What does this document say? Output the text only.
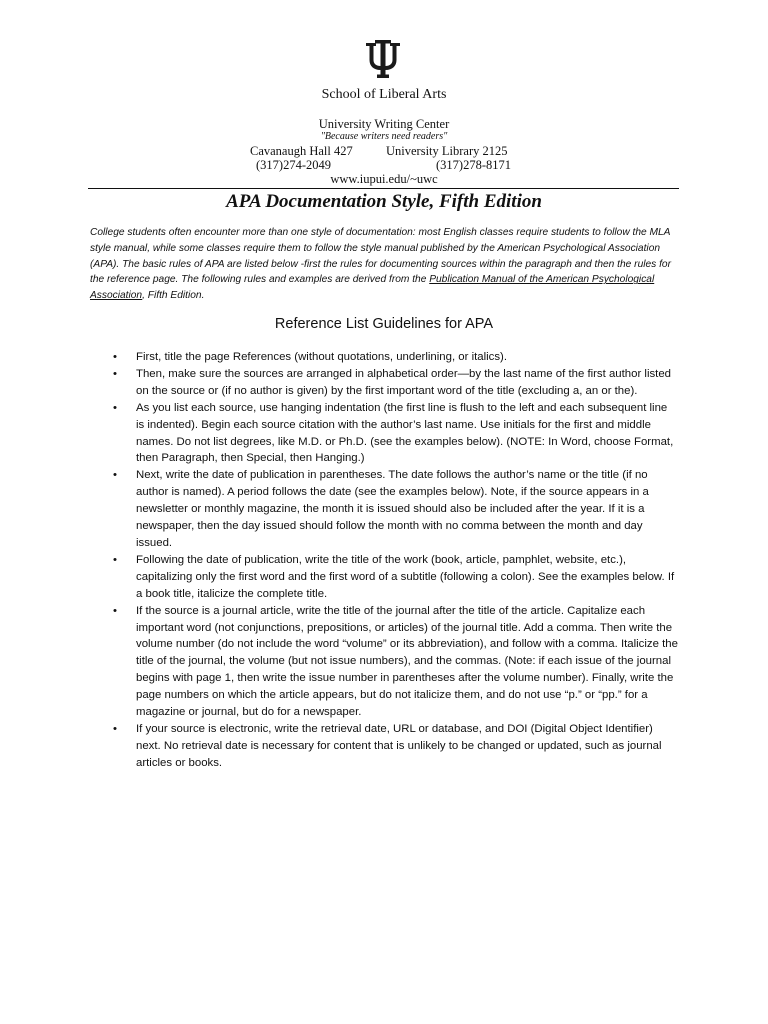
School of Liberal Arts
University Writing Center
"Because writers need readers"
Cavanaugh Hall 427	University Library 2125
(317)274-2049	(317)278-8171
www.iupui.edu/~uwc
APA Documentation Style, Fifth Edition

College students often encounter more than one style of documentation: most English classes require students to follow the MLA style manual, while some classes require them to follow the style manual published by the American Psychological Association (APA). The basic rules of APA are listed below -first the rules for documenting sources within the paragraph and then the rules for the reference page. The following rules and examples are derived from the Publication Manual of the American Psychological Association, Fifth Edition.

Reference List Guidelines for APA
• First, title the page References (without quotations, underlining, or italics).
• Then, make sure the sources are arranged in alphabetical order—by the last name of the first author listed on the source or (if no author is given) by the first important word of the title (excluding a, an or the).
• As you list each source, use hanging indentation (the first line is flush to the left and each subsequent line is indented). Begin each source citation with the author’s last name. Use initials for the first and middle names. Do not list degrees, like M.D. or Ph.D. (see the examples below). (NOTE: In Word, choose Format, then Paragraph, then Special, then Hanging.)
• Next, write the date of publication in parentheses. The date follows the author’s name or the title (if no author is named). A period follows the date (see the examples below). Note, if the source appears in a newsletter or monthly magazine, the month it is issued should also be included after the year. If it is a newspaper, then the day issued should follow the month with no comma between the month and day issued.
• Following the date of publication, write the title of the work (book, article, pamphlet, website, etc.), capitalizing only the first word and the first word of a subtitle (following a colon). See the examples below. If a book title, italicize the complete title.
• If the source is a journal article, write the title of the journal after the title of the article. Capitalize each important word (not conjunctions, prepositions, or articles) of the journal title. Add a comma. Then write the volume number (do not include the word “volume” or its abbreviation), and follow with a comma. Italicize the title of the journal, the volume (but not issue numbers), and the commas. (Note: if each issue of the journal begins with page 1, then write the issue number in parentheses after the volume number). Finally, write the page numbers on which the article appears, but do not italicize them, and do not use “p.” or “pp.” for a magazine or journal, but do for a newspaper.
• If your source is electronic, write the retrieval date, URL or database, and DOI (Digital Object Identifier) next. No retrieval date is necessary for content that is unlikely to be changed or updated, such as journal articles or books.
